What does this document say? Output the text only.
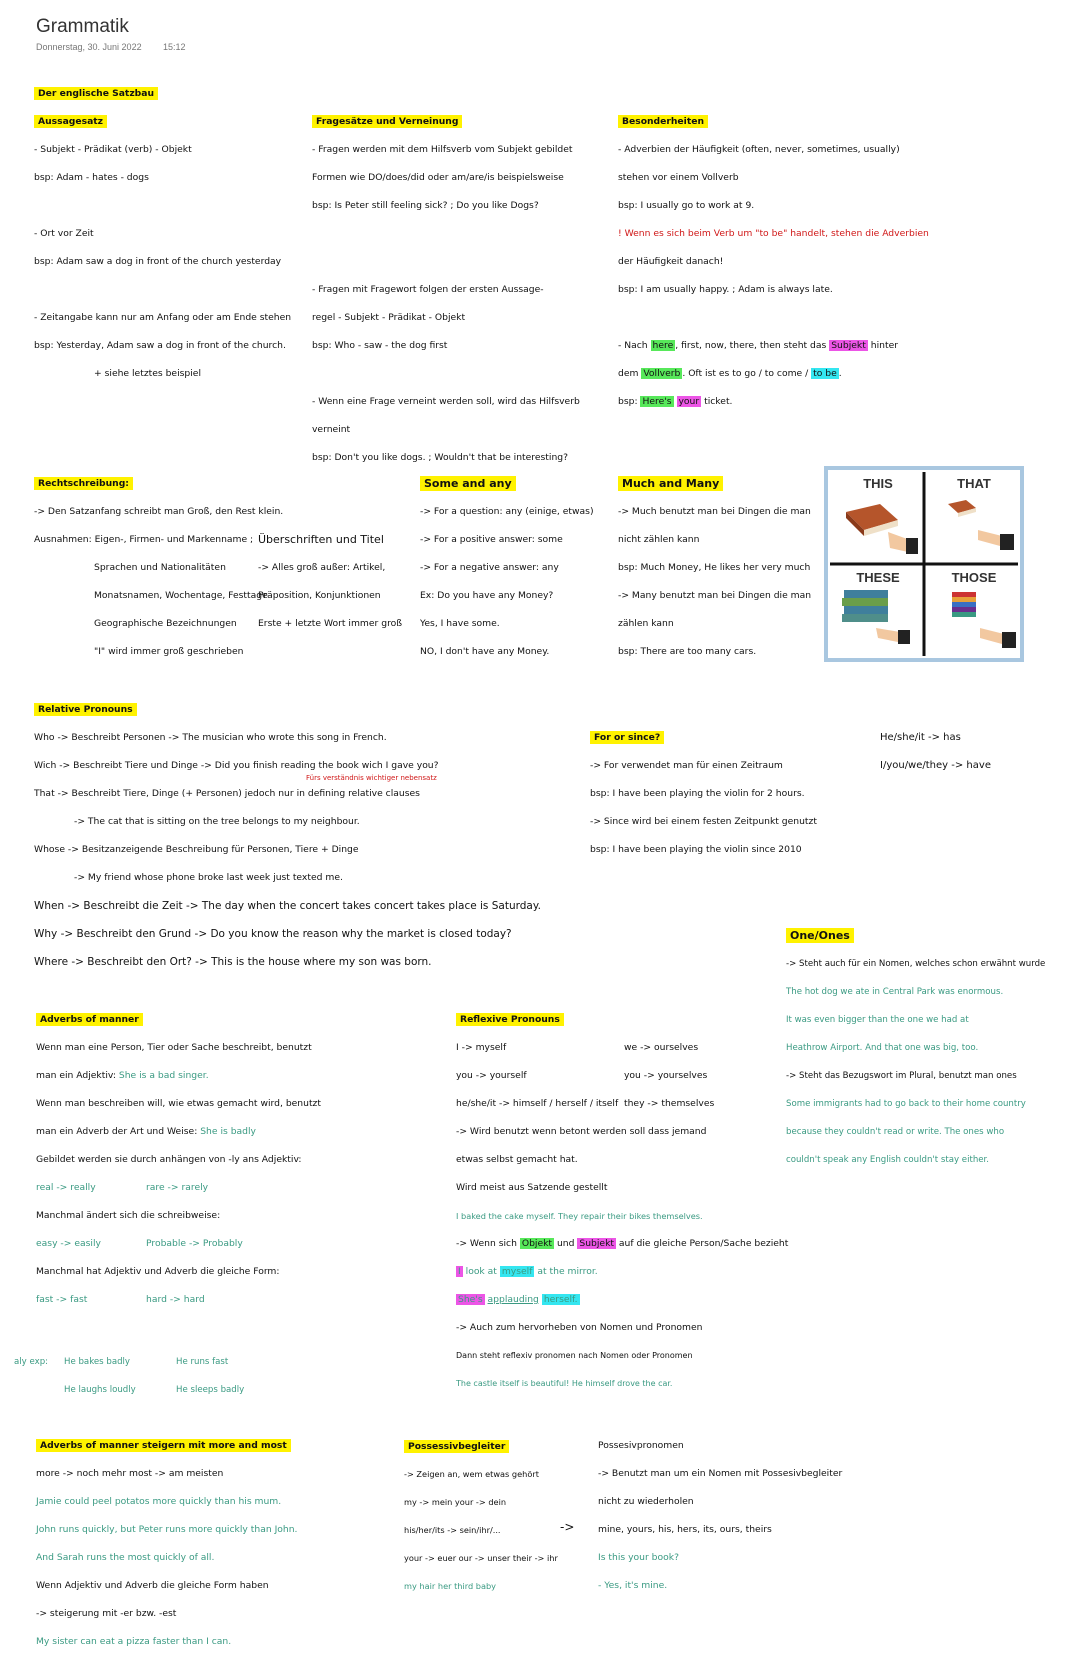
Grammatik
Donnerstag, 30. Juni 2022 15:12
Der englische Satzbau
Aussagesatz
- Subjekt - Prädikat (verb) - Objekt
bsp: Adam - hates - dogs
- Ort vor Zeit
bsp: Adam saw a dog in front of the church yesterday
- Zeitangabe kann nur am Anfang oder am Ende stehen
bsp: Yesterday, Adam saw a dog in front of the church.
+ siehe letztes beispiel
Fragesätze und Verneinung
- Fragen werden mit dem Hilfsverb vom Subjekt gebildet
Formen wie DO/does/did oder am/are/is beispielsweise
bsp: Is Peter still feeling sick? ; Do you like Dogs?
- Fragen mit Fragewort folgen der ersten Aussage-
regel - Subjekt - Prädikat - Objekt
bsp: Who - saw - the dog first
- Wenn eine Frage verneint werden soll, wird das Hilfsverb
verneint
bsp: Don't you like dogs. ; Wouldn't that be interesting?
Besonderheiten
- Adverbien der Häufigkeit (often, never, sometimes, usually)
stehen vor einem Vollverb
bsp: I usually go to work at 9.
! Wenn es sich beim Verb um "to be" handelt, stehen die Adverbien
der Häufigkeit danach!
bsp: I am usually happy. ; Adam is always late.
- Nach here , first, now, there, then steht das Subjekt hinter
dem Vollverb . Oft ist es to go / to come / to be .
bsp: Here's your ticket.
Rechtschreibung:
-> Den Satzanfang schreibt man Groß, den Rest klein.
Ausnahmen: Eigen-, Firmen- und Markenname ;
Sprachen und Nationalitäten
Monatsnamen, Wochentage, Festtage
Geographische Bezeichnungen
"I" wird immer groß geschrieben
Überschriften und Titel
-> Alles groß außer: Artikel,
Präposition, Konjunktionen
Erste + letzte Wort immer groß
Some and any
-> For a question: any (einige, etwas)
-> For a positive answer: some
-> For a negative answer: any
Ex: Do you have any Money?
Yes, I have some.
NO, I don't have any Money.
Much and Many
-> Much benutzt man bei Dingen die man
nicht zählen kann
bsp: Much Money, He likes her very much
-> Many benutzt man bei Dingen die man
zählen kann
bsp: There are too many cars.
THIS	THAT
THESE	THOSE
Relative Pronouns
Who -> Beschreibt Personen -> The musician who wrote this song in French.
Wich -> Beschreibt Tiere und Dinge -> Did you finish reading the book wich I gave you?
That -> Beschreibt Tiere, Dinge (+ Personen) jedoch nur in defining relative clauses
-> The cat that is sitting on the tree belongs to my neighbour.
Whose -> Besitzanzeigende Beschreibung für Personen, Tiere + Dinge
-> My friend whose phone broke last week just texted me.
When -> Beschreibt die Zeit -> The day when the concert takes concert takes place is Saturday.
Why -> Beschreibt den Grund -> Do you know the reason why the market is closed today?
Where -> Beschreibt den Ort? -> This is the house where my son was born.
Fürs verständnis wichtiger nebensatz
For or since?
-> For verwendet man für einen Zeitraum
bsp: I have been playing the violin for 2 hours.
-> Since wird bei einem festen Zeitpunkt genutzt
bsp: I have been playing the violin since 2010
He/she/it -> has
I/you/we/they -> have
One/Ones
-> Steht auch für ein Nomen, welches schon erwähnt wurde
The hot dog we ate in Central Park was enormous.
It was even bigger than the one we had at
Heathrow Airport. And that one was big, too.
-> Steht das Bezugswort im Plural, benutzt man ones
Some immigrants had to go back to their home country
because they couldn't read or write. The ones who
couldn't speak any English couldn't stay either.
Adverbs of manner
Wenn man eine Person, Tier oder Sache beschreibt, benutzt
man ein Adjektiv: She is a bad singer.
Wenn man beschreiben will, wie etwas gemacht wird, benutzt
man ein Adverb der Art und Weise: She is badly
Gebildet werden sie durch anhängen von -ly ans Adjektiv:
real -> really	rare -> rarely
Manchmal ändert sich die schreibweise:
easy -> easily	Probable -> Probably
Manchmal hat Adjektiv und Adverb die gleiche Form:
fast -> fast	hard -> hard
aly exp: He bakes badly	He runs fast
He laughs loudly	He sleeps badly
Reflexive Pronouns
I -> myself	we -> ourselves
you -> yourself	you -> yourselves
he/she/it -> himself / herself / itself they -> themselves
-> Wird benutzt wenn betont werden soll dass jemand
etwas selbst gemacht hat.
Wird meist aus Satzende gestellt
I baked the cake myself. They repair their bikes themselves.
-> Wenn sich Objekt und Subjekt auf die gleiche Person/Sache bezieht
I look at myself at the mirror.
She's applauding herself.
-> Auch zum hervorheben von Nomen und Pronomen
Dann steht reflexiv pronomen nach Nomen oder Pronomen
The castle itself is beautiful! He himself drove the car.
Adverbs of manner steigern mit more and most
more -> noch mehr most -> am meisten
Jamie could peel potatos more quickly than his mum.
John runs quickly, but Peter runs more quickly than John.
And Sarah runs the most quickly of all.
Wenn Adjektiv und Adverb die gleiche Form haben
-> steigerung mit -er bzw. -est
My sister can eat a pizza faster than I can.
Possessivbegleiter
-> Zeigen an, wem etwas gehört
my -> mein your -> dein
his/her/its -> sein/ihr/...
your -> euer our -> unser their -> ihr
my hair her third baby
->
Possesivpronomen
-> Benutzt man um ein Nomen mit Possesivbegleiter
nicht zu wiederholen
mine, yours, his, hers, its, ours, theirs
Is this your book?
- Yes, it's mine.
